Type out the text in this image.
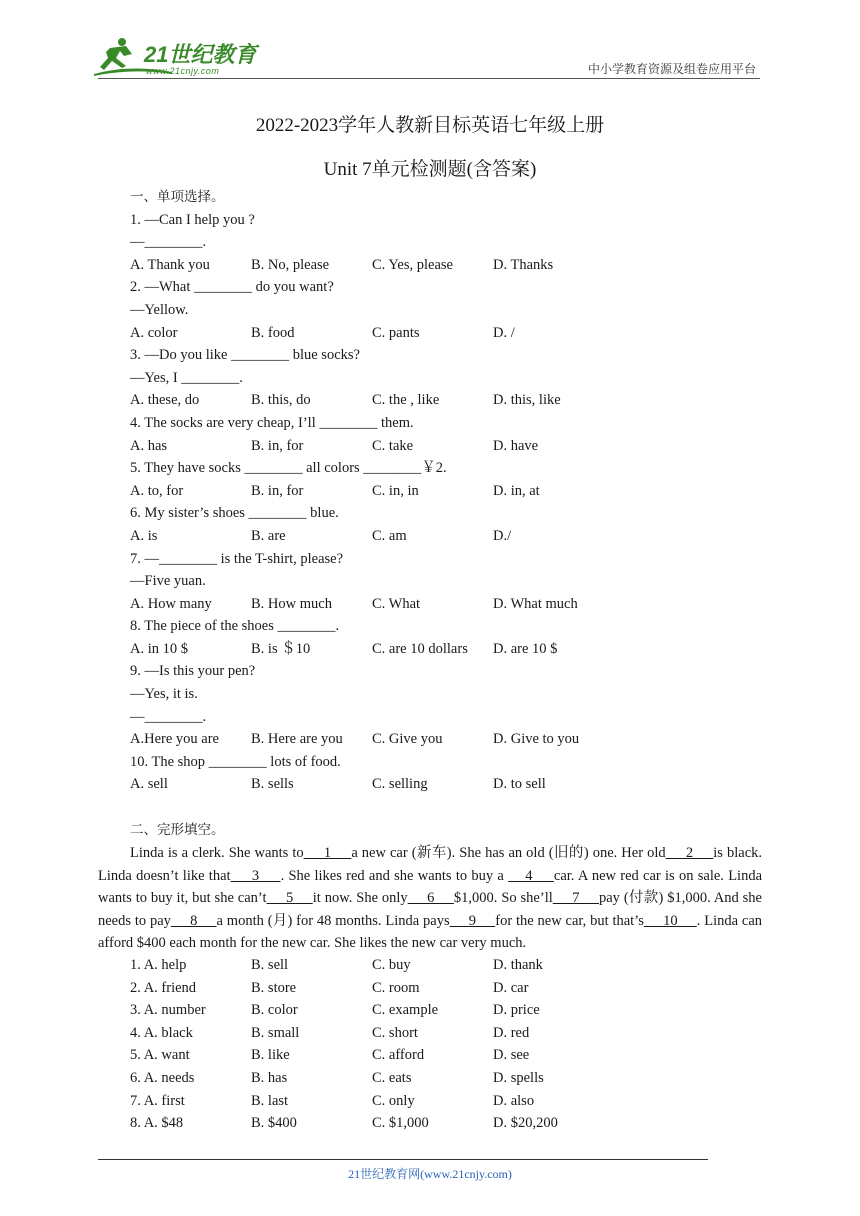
21世纪教育
www.21cnjy.com	中小学教育资源及组卷应用平台
2022-2023学年人教新目标英语七年级上册
Unit 7单元检测题(含答案)
一、单项选择。
1. —Can I help you ?
—________.
A. Thank you	B. No, please	C. Yes, please	D. Thanks
2. —What ________ do you want?
—Yellow.
A. color	B. food	C. pants	D. /
3. —Do you like ________ blue socks?
—Yes, I ________.
A. these, do	B. this, do	C. the , like	D. this, like
4. The socks are very cheap, I’ll ________ them.
A. has	B. in, for	C. take	D. have
5. They have socks ________ all colors ________￥2.
A. to, for	B. in, for	C. in, in	D. in, at
6. My sister’s shoes ________ blue.
A. is	B. are	C. am	D./
7. —________ is the T-shirt, please?
—Five yuan.
A. How many	B. How much	C. What	D. What much
8. The piece of the shoes ________.
A. in 10 $	B. is ＄10	C. are 10 dollars	D. are 10 $
9. —Is this your pen?
—Yes, it is.
—________.
A.Here you are	B. Here are you	C. Give you	D. Give to you
10. The shop ________ lots of food.
A. sell	B. sells	C. selling	D. to sell
二、完形填空。
Linda is a clerk. She wants to     1     a new car (新车). She has an old (旧的) one. Her old     2     is black. Linda doesn’t like that     3     . She likes red and she wants to buy a     4     car. A new red car is on sale. Linda wants to buy it, but she can’t     5     it now. She only     6     $1,000. So she’ll     7     pay (付款) $1,000. And she needs to pay     8     a month (月) for 48 months. Linda pays     9     for the new car, but that’s     10     . Linda can afford $400 each month for the new car. She likes the new car very much.
1. A. help	B. sell	C. buy	D. thank
2. A. friend	B. store	C. room	D. car
3. A. number	B. color	C. example	D. price
4. A. black	B. small	C. short	D. red
5. A. want	B. like	C. afford	D. see
6. A. needs	B. has	C. eats	D. spells
7. A. first	B. last	C. only	D. also
8. A. $48	B. $400	C. $1,000	D. $20,200
21世纪教育网(www.21cnjy.com)
